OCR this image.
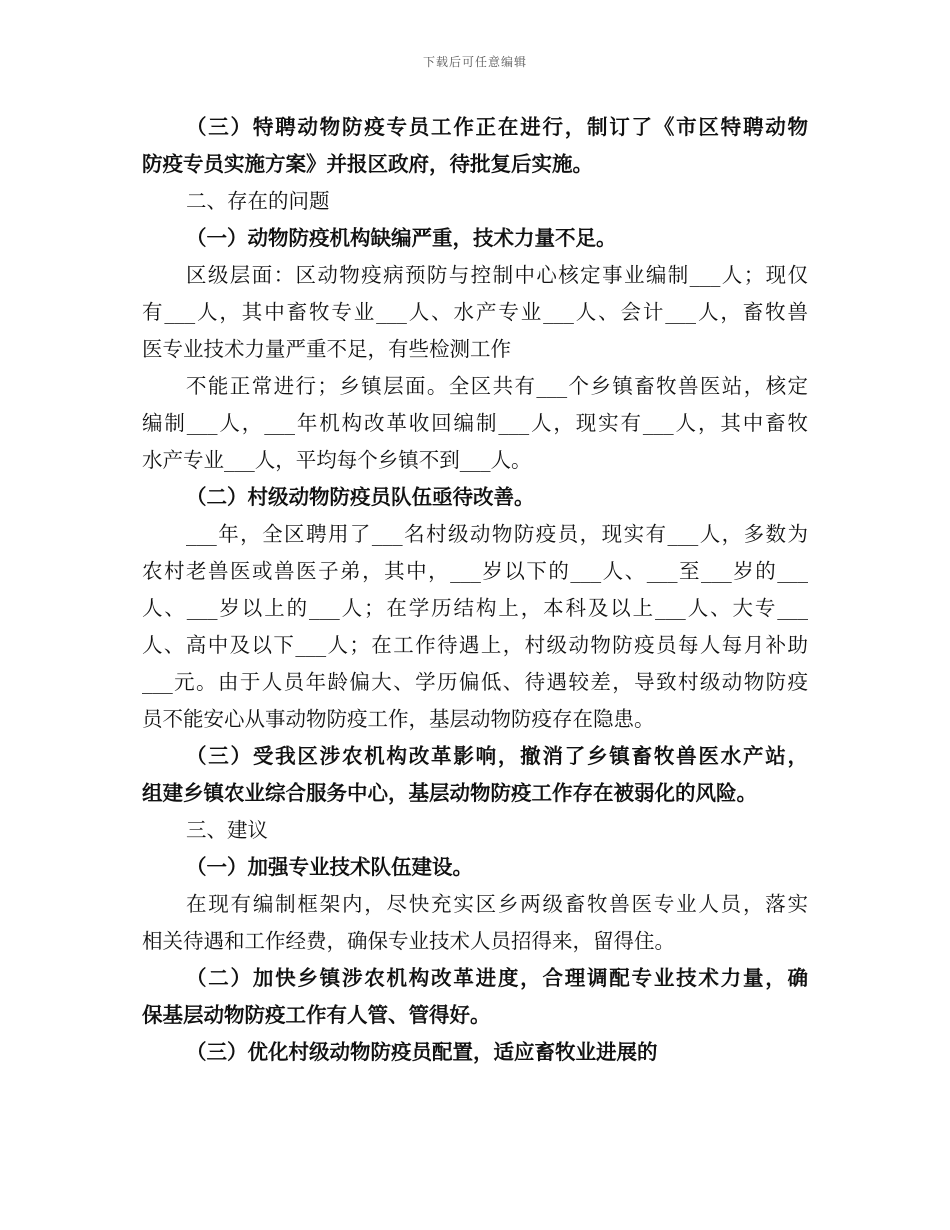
下载后可任意编辑
（三）特聘动物防疫专员工作正在进行，制订了《市区特聘动物
防疫专员实施方案》并报区政府，待批复后实施。
二、存在的问题
（一）动物防疫机构缺编严重，技术力量不足。
区级层面：区动物疫病预防与控制中心核定事业编制___人；现仅
有___人，其中畜牧专业___人、水产专业___人、会计___人，畜牧兽
医专业技术力量严重不足，有些检测工作
不能正常进行；乡镇层面。全区共有___个乡镇畜牧兽医站，核定
编制___人，___年机构改革收回编制___人，现实有___人，其中畜牧
水产专业___人，平均每个乡镇不到___人。
（二）村级动物防疫员队伍亟待改善。
___年，全区聘用了___名村级动物防疫员，现实有___人，多数为
农村老兽医或兽医子弟，其中，___岁以下的___人、___至___岁的___
人、___岁以上的___人；在学历结构上，本科及以上___人、大专___
人、高中及以下___人；在工作待遇上，村级动物防疫员每人每月补助
___元。由于人员年龄偏大、学历偏低、待遇较差，导致村级动物防疫
员不能安心从事动物防疫工作，基层动物防疫存在隐患。
（三）受我区涉农机构改革影响，撤消了乡镇畜牧兽医水产站，
组建乡镇农业综合服务中心，基层动物防疫工作存在被弱化的风险。
三、建议
（一）加强专业技术队伍建设。
在现有编制框架内，尽快充实区乡两级畜牧兽医专业人员，落实
相关待遇和工作经费，确保专业技术人员招得来，留得住。
（二）加快乡镇涉农机构改革进度，合理调配专业技术力量，确
保基层动物防疫工作有人管、管得好。
（三）优化村级动物防疫员配置，适应畜牧业进展的
